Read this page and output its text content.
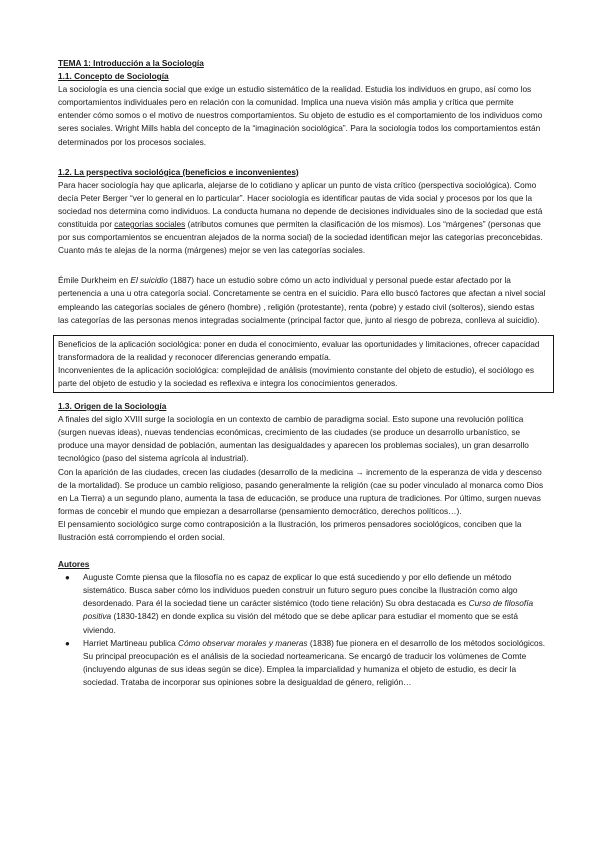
TEMA 1: Introducción a la Sociología
1.1. Concepto de Sociología

La sociología es una ciencia social que exige un estudio sistemático de la realidad. Estudia los individuos en grupo, así como los comportamientos individuales pero en relación con la comunidad. Implica una nueva visión más amplia y crítica que permite entender cómo somos o el motivo de nuestros comportamientos. Su objeto de estudio es el comportamiento de los individuos como seres sociales. Wright Mills habla del concepto de la “imaginación sociológica”. Para la sociología todos los comportamientos están determinados por los procesos sociales.

1.2. La perspectiva sociológica (beneficios e inconvenientes)

Para hacer sociología hay que aplicarla, alejarse de lo cotidiano y aplicar un punto de vista crítico (perspectiva sociológica). Como decía Peter Berger “ver lo general en lo particular”. Hacer sociología es identificar pautas de vida social y procesos por los que la sociedad nos determina como individuos. La conducta humana no depende de decisiones individuales sino de la sociedad que está constituida por categorías sociales (atributos comunes que permiten la clasificación de los mismos). Los “márgenes” (personas que por sus comportamientos se encuentran alejados de la norma social) de la sociedad identifican mejor las categorías preconcebidas. Cuanto más te alejas de la norma (márgenes) mejor se ven las categorías sociales.

Émile Durkheim en El suicidio (1887) hace un estudio sobre cómo un acto individual y personal puede estar afectado por la pertenencia a una u otra categoría social. Concretamente se centra en el suicidio. Para ello buscó factores que afectan a nivel social empleando las categorías sociales de género (hombre) , religión (protestante), renta (pobre) y estado civil (solteros), siendo estas las categorías de las personas menos integradas socialmente (principal factor que, junto al riesgo de pobreza, conlleva al suicidio).

Beneficios de la aplicación sociológica: poner en duda el conocimiento, evaluar las oportunidades y limitaciones, ofrecer capacidad transformadora de la realidad y reconocer diferencias generando empatía.

Inconvenientes de la aplicación sociológica: complejidad de análisis (movimiento constante del objeto de estudio), el sociólogo es parte del objeto de estudio y la sociedad es reflexiva e integra los conocimientos generados.

1.3. Origen de la Sociología

A finales del siglo XVIII surge la sociología en un contexto de cambio de paradigma social. Esto supone una revolución política (surgen nuevas ideas), nuevas tendencias económicas, crecimiento de las ciudades (se produce un desarrollo urbanístico, se produce una mayor densidad de población, aumentan las desigualdades y aparecen los problemas sociales), un gran desarrollo tecnológico (paso del sistema agrícola al industrial).

Con la aparición de las ciudades, crecen las ciudades (desarrollo de la medicina → incremento de la esperanza de vida y descenso de la mortalidad). Se produce un cambio religioso, pasando generalmente la religión (cae su poder vinculado al monarca como Dios en La Tierra) a un segundo plano, aumenta la tasa de educación, se produce una ruptura de tradiciones. Por último, surgen nuevas formas de concebir el mundo que empiezan a desarrollarse (pensamiento democrático, derechos políticos…).

El pensamiento sociológico surge como contraposición a la Ilustración, los primeros pensadores sociológicos, conciben que la Ilustración está corrompiendo el orden social.

Autores
● Auguste Comte piensa que la filosofía no es capaz de explicar lo que está sucediendo y por ello defiende un método sistemático. Busca saber cómo los individuos pueden construir un futuro seguro pues concibe la Ilustración como algo desordenado. Para él la sociedad tiene un carácter sistémico (todo tiene relación) Su obra destacada es Curso de filosofía positiva (1830-1842) en donde explica su visión del método que se debe aplicar para estudiar el momento que se está viviendo.
● Harriet Martineau publica Cómo observar morales y maneras (1838) fue pionera en el desarrollo de los métodos sociológicos. Su principal preocupación es el análisis de la sociedad norteamericana. Se encargó de traducir los volúmenes de Comte (incluyendo algunas de sus ideas según se dice). Emplea la imparcialidad y humaniza el objeto de estudio, es decir la sociedad. Trataba de incorporar sus opiniones sobre la desigualdad de género, religión…
